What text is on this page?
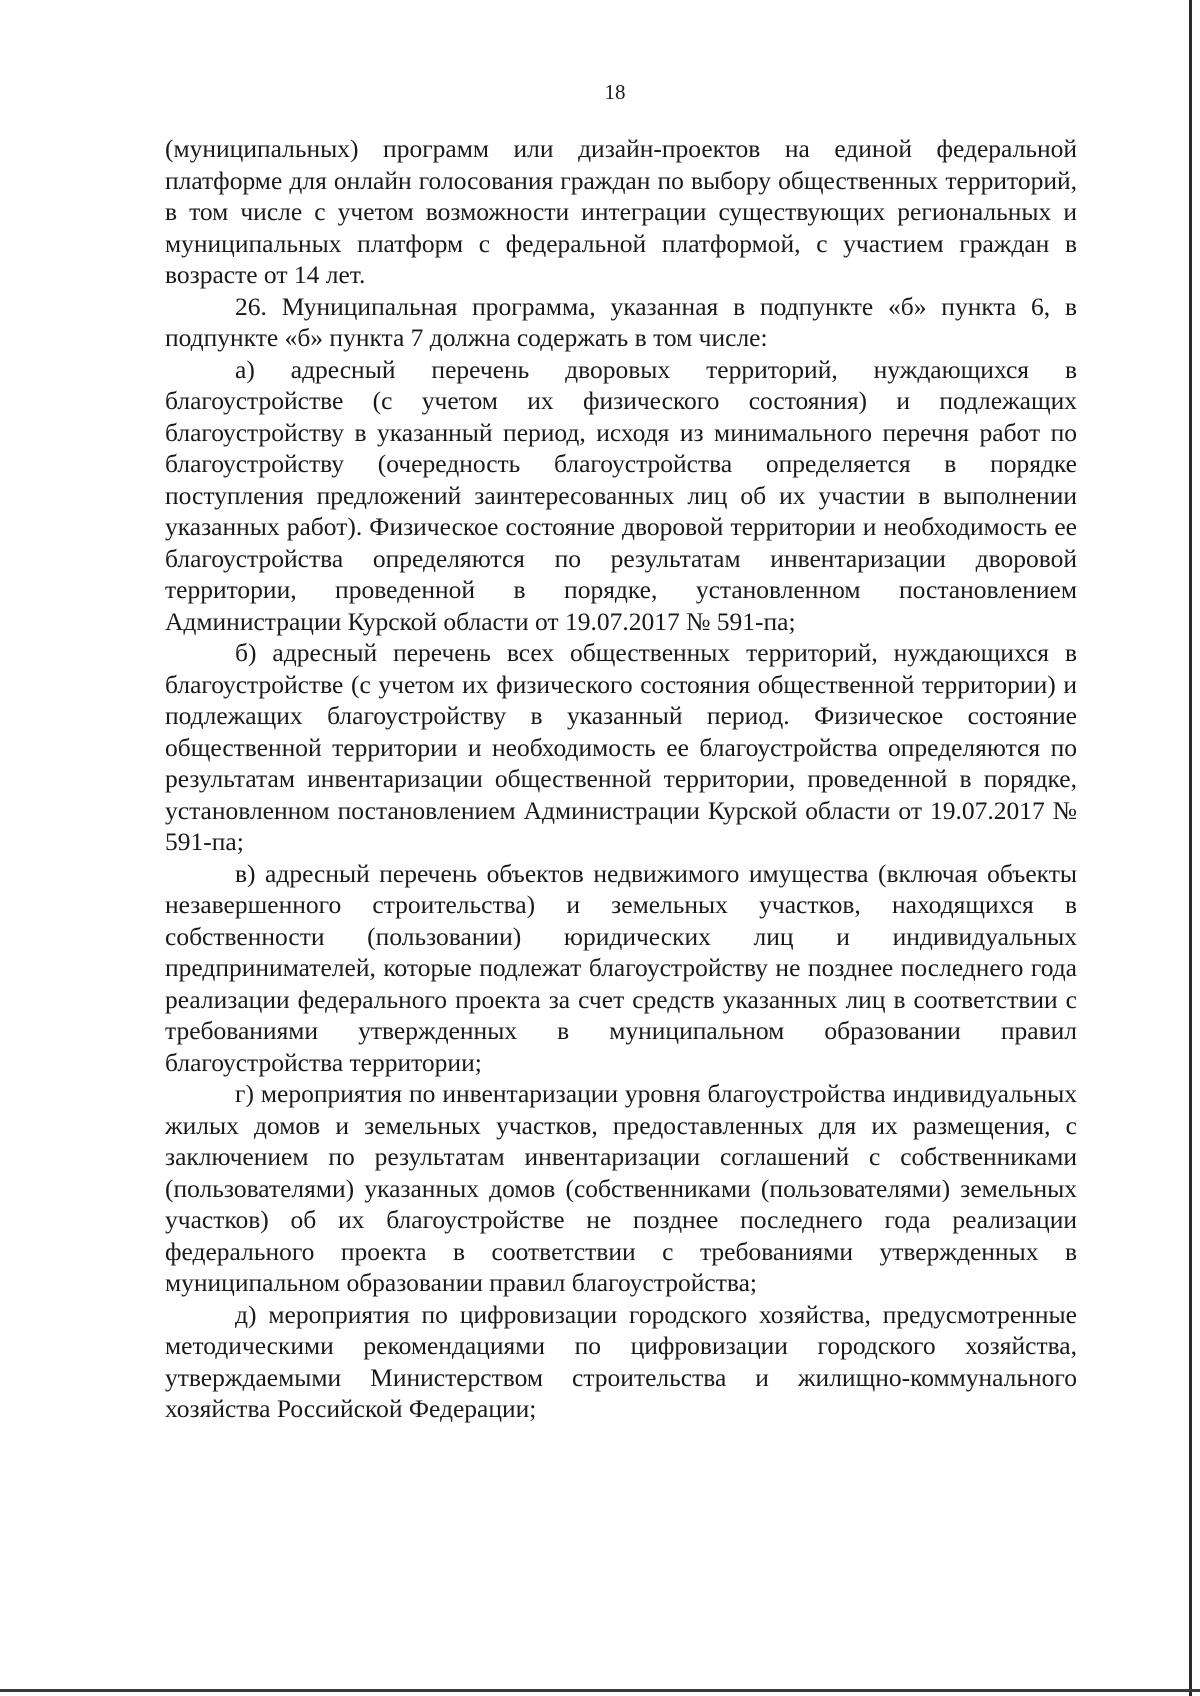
18

(муниципальных) программ или дизайн-проектов на единой федеральной платформе для онлайн голосования граждан по выбору общественных территорий, в том числе с учетом возможности интеграции существующих региональных и муниципальных платформ с федеральной платформой, с участием граждан в возрасте от 14 лет.

26. Муниципальная программа, указанная в подпункте «б» пункта 6, в подпункте «б» пункта 7 должна содержать в том числе:

а) адресный перечень дворовых территорий, нуждающихся в благоустройстве (с учетом их физического состояния) и подлежащих благоустройству в указанный период, исходя из минимального перечня работ по благоустройству (очередность благоустройства определяется в порядке поступления предложений заинтересованных лиц об их участии в выполнении указанных работ). Физическое состояние дворовой территории и необходимость ее благоустройства определяются по результатам инвентаризации дворовой территории, проведенной в порядке, установленном постановлением Администрации Курской области от 19.07.2017 № 591-па;

б) адресный перечень всех общественных территорий, нуждающихся в благоустройстве (с учетом их физического состояния общественной территории) и подлежащих благоустройству в указанный период. Физическое состояние общественной территории и необходимость ее благоустройства определяются по результатам инвентаризации общественной территории, проведенной в порядке, установленном постановлением Администрации Курской области от 19.07.2017 № 591-па;

в) адресный перечень объектов недвижимого имущества (включая объекты незавершенного строительства) и земельных участков, находящихся в собственности (пользовании) юридических лиц и индивидуальных предпринимателей, которые подлежат благоустройству не позднее последнего года реализации федерального проекта за счет средств указанных лиц в соответствии с требованиями утвержденных в муниципальном образовании правил благоустройства территории;

г) мероприятия по инвентаризации уровня благоустройства индивидуальных жилых домов и земельных участков, предоставленных для их размещения, с заключением по результатам инвентаризации соглашений с собственниками (пользователями) указанных домов (собственниками (пользователями) земельных участков) об их благоустройстве не позднее последнего года реализации федерального проекта в соответствии с требованиями утвержденных в муниципальном образовании правил благоустройства;

д) мероприятия по цифровизации городского хозяйства, предусмотренные методическими рекомендациями по цифровизации городского хозяйства, утверждаемыми Министерством строительства и жилищно-коммунального хозяйства Российской Федерации;
